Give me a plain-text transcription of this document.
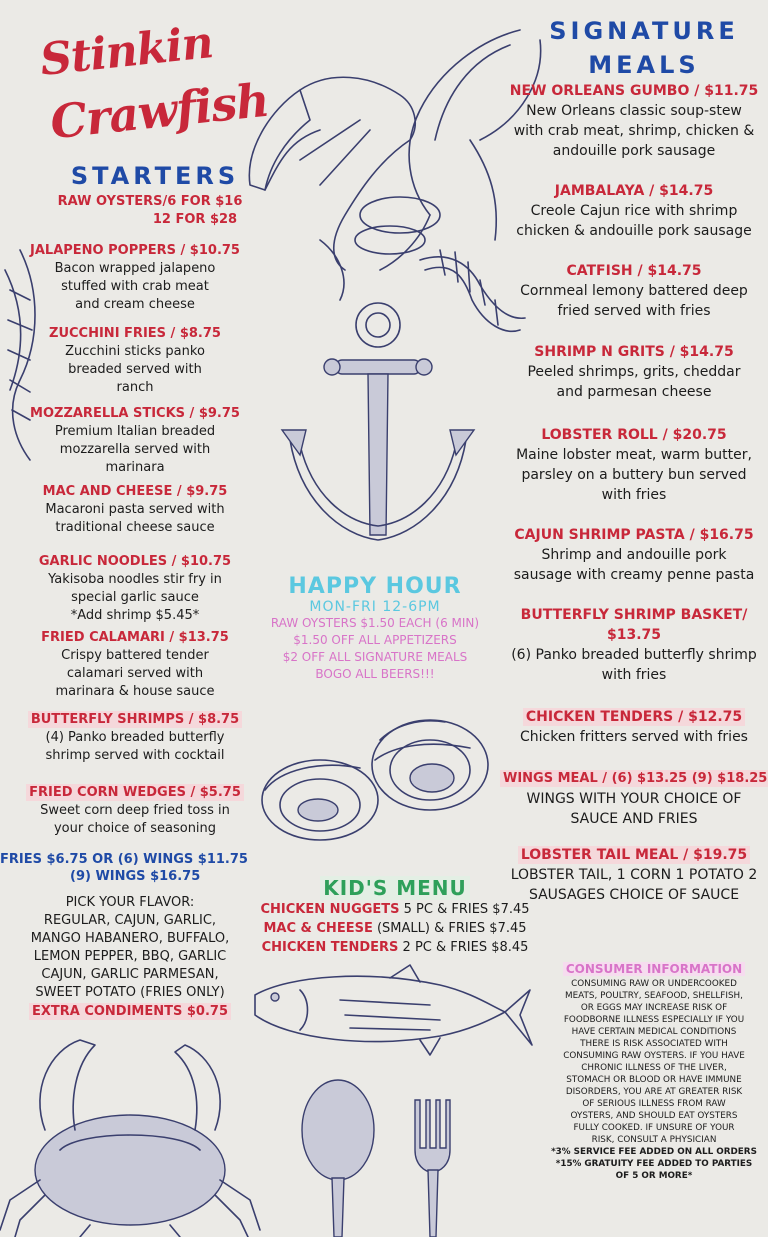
Stinkin
Crawfish
STARTERS
RAW OYSTERS/6 FOR $16
12 FOR $28
JALAPENO POPPERS / $10.75
Bacon wrapped jalapeno
stuffed with crab meat
and cream cheese
ZUCCHINI FRIES / $8.75
Zucchini sticks panko
breaded served with
ranch
MOZZARELLA STICKS / $9.75
Premium Italian breaded
mozzarella served with
marinara
MAC AND CHEESE / $9.75
Macaroni pasta served with
traditional cheese sauce
GARLIC NOODLES / $10.75
Yakisoba noodles stir fry in
special garlic sauce
*Add shrimp $5.45*
FRIED CALAMARI / $13.75
Crispy battered tender
calamari served with
marinara & house sauce
BUTTERFLY SHRIMPS / $8.75
(4) Panko breaded butterfly
shrimp served with cocktail
FRIED CORN WEDGES / $5.75
Sweet corn deep fried toss in
your choice of seasoning
FRIES $6.75 OR (6) WINGS $11.75
(9) WINGS $16.75
PICK YOUR FLAVOR:
REGULAR, CAJUN, GARLIC,
MANGO HABANERO, BUFFALO,
LEMON PEPPER, BBQ, GARLIC
CAJUN, GARLIC PARMESAN,
SWEET POTATO (FRIES ONLY)
EXTRA CONDIMENTS $0.75
HAPPY HOUR
MON-FRI 12-6PM
RAW OYSTERS $1.50 EACH (6 MIN)
$1.50 OFF ALL APPETIZERS
$2 OFF ALL SIGNATURE MEALS
BOGO ALL BEERS!!!
KID'S MENU
CHICKEN NUGGETS 5 PC & FRIES $7.45
MAC & CHEESE (SMALL) & FRIES $7.45
CHICKEN TENDERS 2 PC & FRIES $8.45
SIGNATURE
MEALS
NEW ORLEANS GUMBO / $11.75
New Orleans classic soup-stew
with crab meat, shrimp, chicken &
andouille pork sausage
JAMBALAYA / $14.75
Creole Cajun rice with shrimp
chicken & andouille pork sausage
CATFISH / $14.75
Cornmeal lemony battered deep
fried served with fries
SHRIMP N GRITS / $14.75
Peeled shrimps, grits, cheddar
and parmesan cheese
LOBSTER ROLL / $20.75
Maine lobster meat, warm butter,
parsley on a buttery bun served
with fries
CAJUN SHRIMP PASTA / $16.75
Shrimp and andouille pork
sausage with creamy penne pasta
BUTTERFLY SHRIMP BASKET/
$13.75
(6) Panko breaded butterfly shrimp
with fries
CHICKEN TENDERS / $12.75
Chicken fritters served with fries
WINGS MEAL / (6) $13.25 (9) $18.25
WINGS WITH YOUR CHOICE OF
SAUCE AND FRIES
LOBSTER TAIL MEAL / $19.75
LOBSTER TAIL, 1 CORN 1 POTATO 2
SAUSAGES CHOICE OF SAUCE
CONSUMER INFORMATION
CONSUMING RAW OR UNDERCOOKED
MEATS, POULTRY, SEAFOOD, SHELLFISH,
OR EGGS MAY INCREASE RISK OF
FOODBORNE ILLNESS ESPECIALLY IF YOU
HAVE CERTAIN MEDICAL CONDITIONS
THERE IS RISK ASSOCIATED WITH
CONSUMING RAW OYSTERS. IF YOU HAVE
CHRONIC ILLNESS OF THE LIVER,
STOMACH OR BLOOD OR HAVE IMMUNE
DISORDERS, YOU ARE AT GREATER RISK
OF SERIOUS ILLNESS FROM RAW
OYSTERS, AND SHOULD EAT OYSTERS
FULLY COOKED. IF UNSURE OF YOUR
RISK, CONSULT A PHYSICIAN
*3% SERVICE FEE ADDED ON ALL ORDERS
*15% GRATUITY FEE ADDED TO PARTIES
OF 5 OR MORE*
